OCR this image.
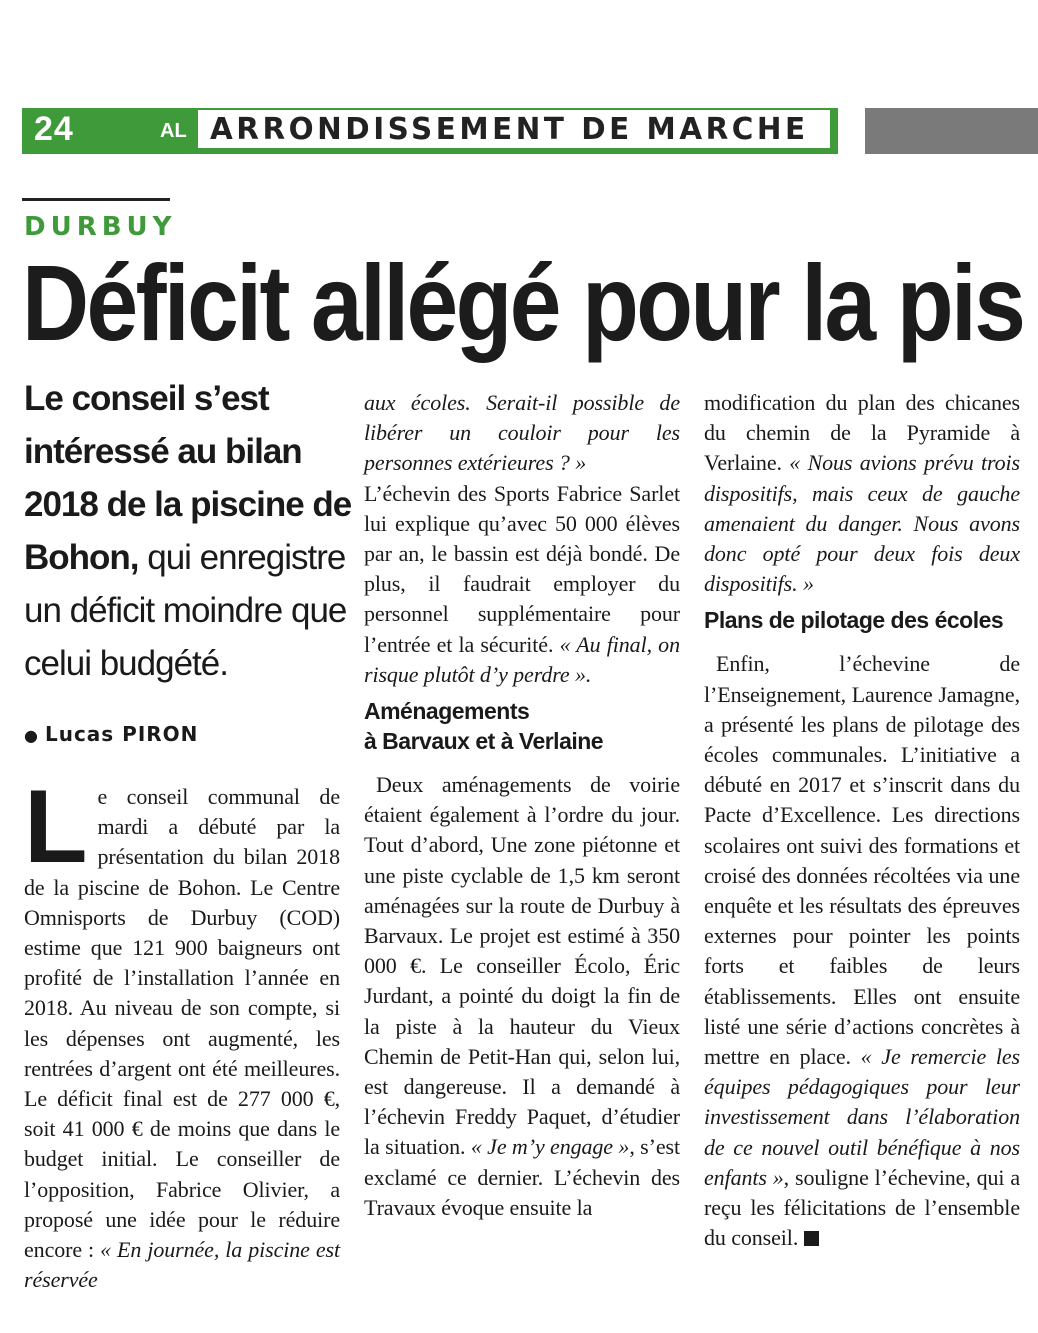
24	AL ARRONDISSEMENT DE MARCHE
DURBUY
Déficit allégé pour la pis
Le conseil s’est intéressé au bilan 2018 de la piscine de Bohon, qui enregistre un déficit moindre que celui budgété.
● Lucas PIRON

Le conseil communal de mardi a débuté par la présentation du bilan 2018 de la piscine de Bohon. Le Centre Omnisports de Durbuy (COD) estime que 121 900 baigneurs ont profité de l’installation l’année en 2018. Au niveau de son compte, si les dépenses ont augmenté, les rentrées d’argent ont été meilleures. Le déficit final est de 277 000 €, soit 41 000 € de moins que dans le budget initial. Le conseiller de l’opposition, Fabrice Olivier, a proposé une idée pour le réduire encore : « En journée, la piscine est réservée

aux écoles. Serait-il possible de libérer un couloir pour les personnes extérieures ? »

L’échevin des Sports Fabrice Sarlet lui explique qu’avec 50 000 élèves par an, le bassin est déjà bondé. De plus, il faudrait employer du personnel supplémentaire pour l’entrée et la sécurité. « Au final, on risque plutôt d’y perdre ».

Aménagements
à Barvaux et à Verlaine

Deux aménagements de voirie étaient également à l’ordre du jour. Tout d’abord, Une zone piétonne et une piste cyclable de 1,5 km seront aménagées sur la route de Durbuy à Barvaux. Le projet est estimé à 350 000 €. Le conseiller Écolo, Éric Jurdant, a pointé du doigt la fin de la piste à la hauteur du Vieux Chemin de Petit-Han qui, selon lui, est dangereuse. Il a demandé à l’échevin Freddy Paquet, d’étudier la situation. « Je m’y engage », s’est exclamé ce dernier. L’échevin des Travaux évoque ensuite la

modification du plan des chicanes du chemin de la Pyramide à Verlaine. « Nous avions prévu trois dispositifs, mais ceux de gauche amenaient du danger. Nous avons donc opté pour deux fois deux dispositifs. »

Plans de pilotage des écoles

Enfin, l’échevine de l’Enseignement, Laurence Jamagne, a présenté les plans de pilotage des écoles communales. L’initiative a débuté en 2017 et s’inscrit dans du Pacte d’Excellence. Les directions scolaires ont suivi des formations et croisé des données récoltées via une enquête et les résultats des épreuves externes pour pointer les points forts et faibles de leurs établissements. Elles ont ensuite listé une série d’actions concrètes à mettre en place. « Je remercie les équipes pédagogiques pour leur investissement dans l’élaboration de ce nouvel outil bénéfique à nos enfants », souligne l’échevine, qui a reçu les félicitations de l’ensemble du conseil.
